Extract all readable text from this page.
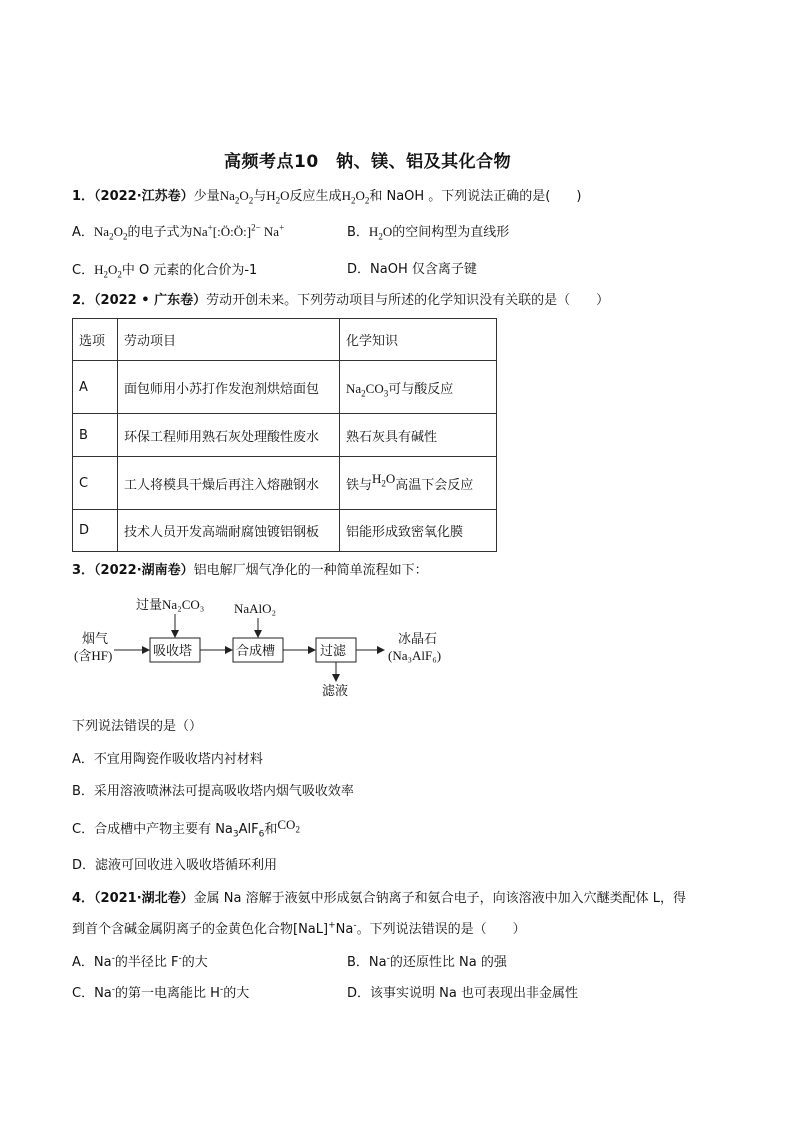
高频考点10　钠、镁、铝及其化合物
1．（2022·江苏卷）少量$Na_2O_2$与$H_2O$反应生成$H_2O_2$和 NaOH 。下列说法正确的是(　　)
A．$Na_2O_2$的电子式为Na+[:Ö:Ö:]$^{2-}$ Na+	B．$H_2O$的空间构型为直线形
C．$H_2O_2$中 O 元素的化合价为-1	D．NaOH 仅含离子键
2．（2022 • 广东卷）劳动开创未来。下列劳动项目与所述的化学知识没有关联的是（　　）
选项	劳动项目	化学知识
A	面包师用小苏打作发泡剂烘焙面包	$Na_2CO_3$可与酸反应
B	环保工程师用熟石灰处理酸性废水	熟石灰具有碱性
C	工人将模具干燥后再注入熔融钢水	铁与$H_2O$高温下会反应
D	技术人员开发高端耐腐蚀镀铝钢板	铝能形成致密氧化膜
3．（2022·湖南卷）铝电解厂烟气净化的一种简单流程如下：
烟气
(含HF)
过量Na₂CO₃ NaAlO₂
吸收塔	合成槽	过滤
冰晶石
(Na₃AlF₆)
滤液
下列说法错误的是（）
A．不宜用陶瓷作吸收塔内衬材料
B．采用溶液喷淋法可提高吸收塔内烟气吸收效率
C．合成槽中产物主要有 $Na_3AlF_6$和$CO_2$
D．滤液可回收进入吸收塔循环利用
4．（2021·湖北卷）金属 Na 溶解于液氨中形成氨合钠离子和氨合电子，向该溶液中加入穴醚类配体 L，得
到首个含碱金属阴离子的金黄色化合物[NaL]+Na-。下列说法错误的是（　　）
A．Na-的半径比 F-的大	B．Na-的还原性比 Na 的强
C．Na-的第一电离能比 H-的大	D．该事实说明 Na 也可表现出非金属性
